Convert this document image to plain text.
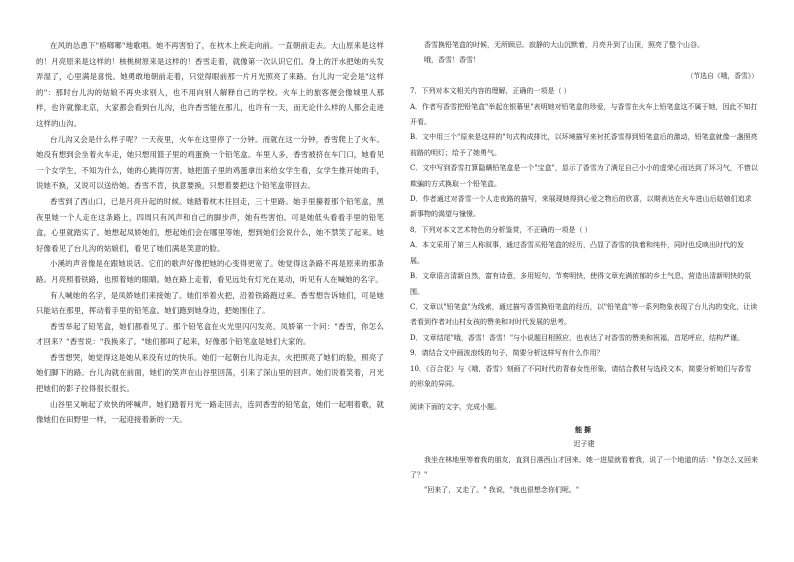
在风的怂恿下"格啷啷"地歌唱。她不再害怕了，在枕木上疾走向前。一直朝前走去。大山原来是这样的！月亮原来是这样的！核桃树原来是这样的！香雪走着，就像第一次认识它们。身上的汗水把她的头发弄湿了，心里满是喜悦。她勇敢地朝前走着，只觉得眼前那一片月光照亮了来路。台儿沟一定会是"这样的"：那时台儿沟的姑娘不再央求别人，也不用向别人解释自己的学校。火车上的旅客便会像城里人那样，也许就像北京，大家都会看到台儿沟，也许香雪能在那儿，也许有一天，而无论什么样的人都会走进这样的山沟。

台儿沟又会是什么样子呢？一天夜里，火车在这里停了一分钟。而就在这一分钟，香雪爬上了火车。她没有想到会坐着火车走，她只想用篮子里的鸡蛋换一个铅笔盒。车里人多，香雪被挤在车门口，她看见一个女学生，不知为什么，她的心跳得厉害。她把篮子里的鸡蛋拿出来给女学生看，女学生推开她的手，说她不换，又说可以送给她。香雪不肯，执意要换，只想着要把这个铅笔盒带回去。

香雪到了西山口，已是月亮升起的时候。她踏着枕木往回走，三十里路。她手里攥着那个铅笔盒，黑夜里她一个人走在这条路上，四周只有风声和自己的脚步声，她有些害怕。可是她低头看看手里的铅笔盒，心里就踏实了。她想起凤娇她们，想起她们会在哪里等她，想到她们会说什么，她不禁笑了起来。她好像看见了台儿沟的姑娘们，看见了她们满是笑意的脸。

小溪的声音像是在跟她说话。它们的歌声好像把她的心变得更宽了。她觉得这条路不再是原来的那条路。月亮照着铁路，也照着她的眼睛。她在路上走着，看见远处有灯光在晃动，听见有人在喊她的名字。

有人喊她的名字，是凤娇她们来接她了。她们举着火把，沿着铁路跑过来。香雪想告诉她们，可是她只能站在那里，挥动着手里的铅笔盒。她们跑到她身边，把她围住了。

香雪举起了铅笔盒，她们都看见了。那个铅笔盒在火光里闪闪发亮。凤娇第一个问："香雪，你怎么才回来？"香雪说："我换来了。"她们都叫了起来，好像那个铅笔盒是她们大家的。

香雪想哭，她觉得这是她从来没有过的快乐。她们一起朝台儿沟走去，火把照亮了她们的脸，照亮了她们脚下的路。台儿沟就在前面，她们的笑声在山谷里回荡，引来了深山里的回声。她们说着笑着，月光把她们的影子拉得很长很长。

山谷里又响起了欢快的呼喊声。她们踏着月光一路走回去，连同香雪的铅笔盒，她们一起唱着歌，就像她们在田野里一样，一起迎接着新的一天。

香雪换铅笔盒的时候，无所顾忌。寂静的大山沉默着，月亮升到了山顶，照亮了整个山谷。

哦，香雪！香雪！

（节选自《哦，香雪》）

7．下列对本文相关内容的理解，正确的一项是（ ）

A．作者写香雪把铅笔盒"举起在银幕里"表明她对铅笔盒的珍爱，与香雪在火车上铅笔盒这不属于她，因此不知打开看。

B．文中用三个"原来是这样的"句式构成排比，以环境描写来衬托香雪得到铅笔盒后的激动，铅笔盒就像一盏照亮前路的明灯；给予了她勇气。

C．文中写到香雪打算隐瞒铅笔盒是一个"宝盒"，显示了香雪为了满足自己小小的虚荣心而达到了环习气，不惜以欺骗的方式换取一个铅笔盒。

D．作者通过对香雪一个人走夜路的描写，来展现她得到心爱之物后的欣喜，以期表达在火车进山后姑娘们追求新事物的渴望与憧憬。

8．下列对本文艺术特色的分析鉴赏，不正确的一项是（ ）

A．本文采用了第三人称叙事，通过香雪买铅笔盒的经历，凸显了香雪的执着和纯朴，同时也反映出时代的发展。

B．文章语言清新自然，富有诗意，多用短句，节奏明快，使得文章充满浓郁的乡土气息，营造出清新明快的氛围。

C．文章以"铅笔盒"为线索，通过描写香雪换铅笔盒的经历，以"铅笔盒"等一系列物象表现了台儿沟的变化，让读者看到作者对山村女孩的赞美和对时代发展的思考。

D．文章结尾"哦，香雪！香雪！"与小说题目相照应，也表达了对香雪的赞美和祝福，首尾呼应，结构严谨。

9．请结合文中画波浪线的句子，简要分析这样写有什么作用？

10．《百合花》与《哦，香雪》刻画了不同时代的青春女性形象，请结合教材与选段文本，简要分析她们与香雪的形象的异同。

阅读下面的文字，完成小题。

能撕

迟子建

我坐在林地里等着我的朋友，直到日落西山才回来。她一进屋就看着我，说了一个地道的话："你怎么又回来了？"

"回来了，又走了。" 我说，"我也很想念你们呢。"
